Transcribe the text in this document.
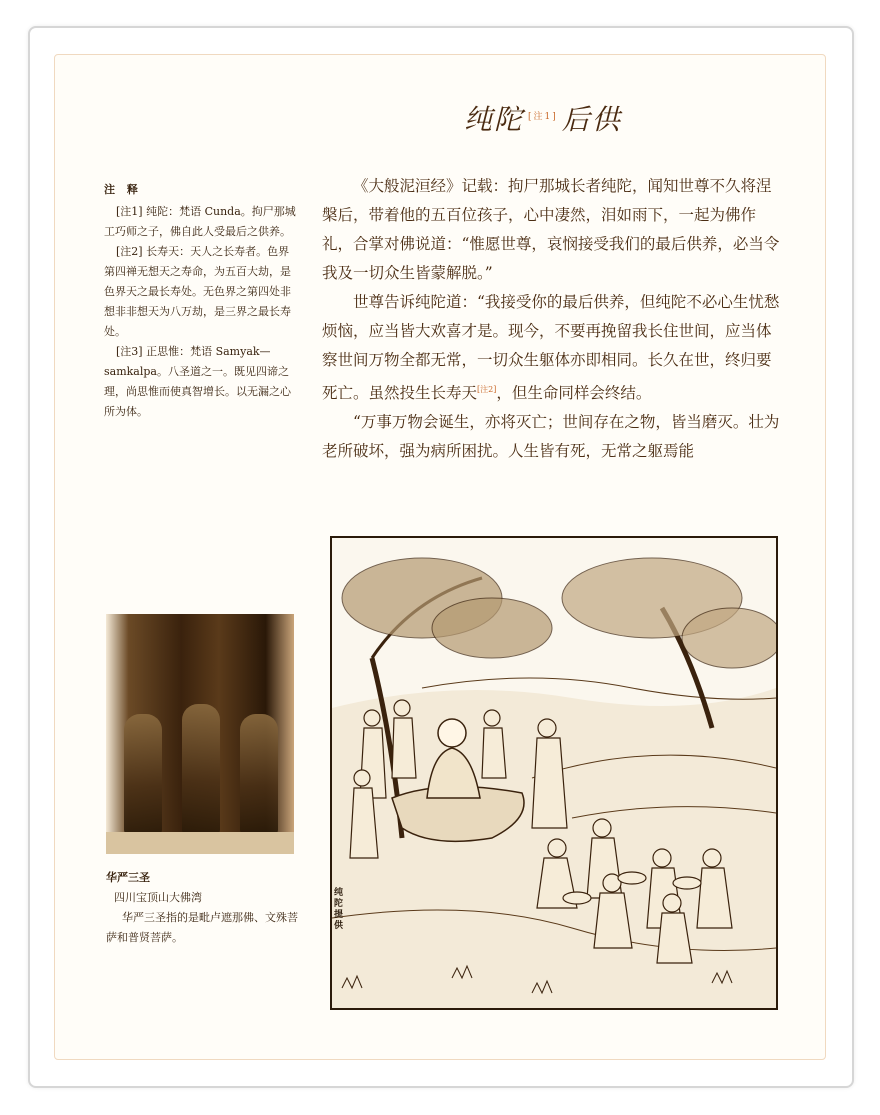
纯陀 [注1] 后供
注 释

[注1] 纯陀：梵语 Cunda。拘尸那城工巧师之子，佛自此人受最后之供养。

[注2] 长寿天：天人之长寿者。色界第四禅无想天之寿命，为五百大劫，是色界天之最长寿处。无色界之第四处非想非非想天为八万劫，是三界之最长寿处。

[注3] 正思惟：梵语 Samyak—samkalpa。八圣道之一。既见四谛之理，尚思惟而使真智增长。以无漏之心所为体。

《大般泥洹经》记载：拘尸那城长者纯陀，闻知世尊不久将涅槃后，带着他的五百位孩子，心中凄然，泪如雨下，一起为佛作礼，合掌对佛说道：“惟愿世尊，哀悯接受我们的最后供养，必当令我及一切众生皆蒙解脱。”

世尊告诉纯陀道：“我接受你的最后供养，但纯陀不必心生忧愁烦恼，应当皆大欢喜才是。现今，不要再挽留我长住世间，应当体察世间万物全都无常，一切众生躯体亦即相同。长久在世，终归要死亡。虽然投生长寿天[注2]，但生命同样会终结。

“万事万物会诞生，亦将灭亡；世间存在之物，皆当磨灭。壮为老所破坏，强为病所困扰。人生皆有死，无常之躯焉能

华严三圣
四川宝顶山大佛湾

华严三圣指的是毗卢遮那佛、文殊菩萨和普贤菩萨。

纯陀提供
